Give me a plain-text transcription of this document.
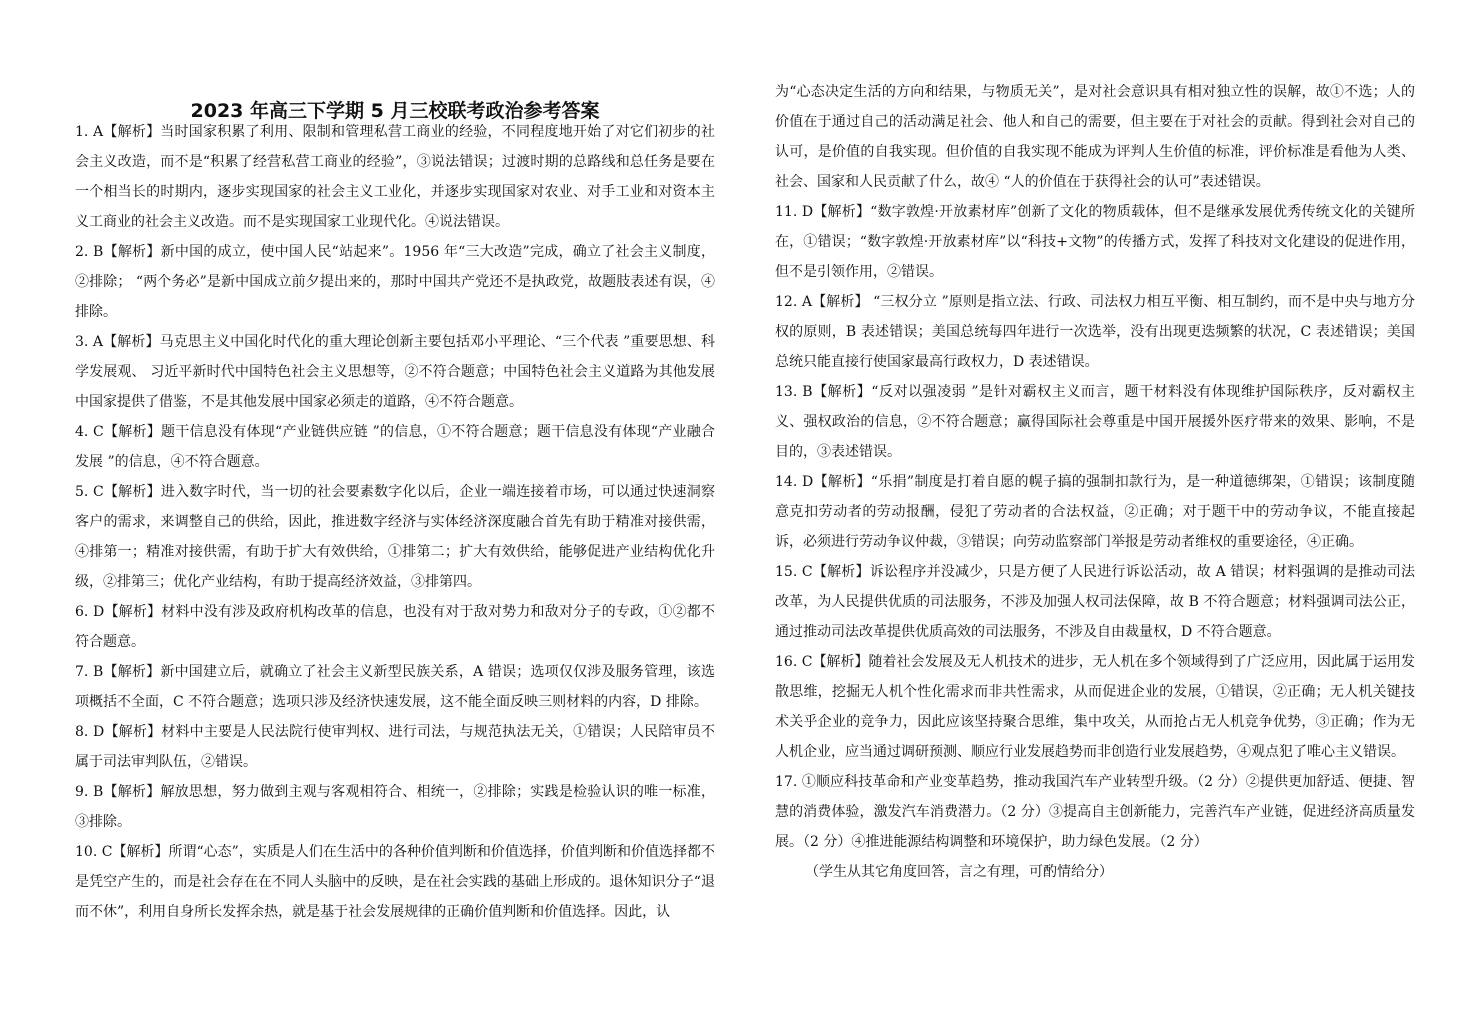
2023 年高三下学期 5 月三校联考政治参考答案

1. A【解析】当时国家积累了利用、限制和管理私营工商业的经验，不同程度地开始了对它们初步的社会主义改造，而不是“积累了经营私营工商业的经验”，③说法错误；过渡时期的总路线和总任务是要在一个相当长的时期内，逐步实现国家的社会主义工业化，并逐步实现国家对农业、对手工业和对资本主义工商业的社会主义改造。而不是实现国家工业现代化。④说法错误。

2. B【解析】新中国的成立，使中国人民“站起来”。1956 年“三大改造”完成，确立了社会主义制度，②排除； “两个务必”是新中国成立前夕提出来的，那时中国共产党还不是执政党，故题肢表述有误，④排除。

3. A【解析】马克思主义中国化时代化的重大理论创新主要包括邓小平理论、“三个代表 ”重要思想、科学发展观、 习近平新时代中国特色社会主义思想等，②不符合题意；中国特色社会主义道路为其他发展中国家提供了借鉴，不是其他发展中国家必须走的道路，④不符合题意。

4. C【解析】题干信息没有体现“产业链供应链 ”的信息，①不符合题意；题干信息没有体现“产业融合发展 ”的信息，④不符合题意。

5. C【解析】进入数字时代，当一切的社会要素数字化以后，企业一端连接着市场，可以通过快速洞察客户的需求，来调整自己的供给，因此，推进数字经济与实体经济深度融合首先有助于精准对接供需，④排第一；精准对接供需，有助于扩大有效供给，①排第二；扩大有效供给，能够促进产业结构优化升级，②排第三；优化产业结构，有助于提高经济效益，③排第四。

6. D【解析】材料中没有涉及政府机构改革的信息，也没有对于敌对势力和敌对分子的专政，①②都不符合题意。

7. B【解析】新中国建立后，就确立了社会主义新型民族关系，A 错误；选项仅仅涉及服务管理，该选项概括不全面，C 不符合题意；选项只涉及经济快速发展，这不能全面反映三则材料的内容，D 排除。

8. D【解析】材料中主要是人民法院行使审判权、进行司法，与规范执法无关，①错误；人民陪审员不属于司法审判队伍，②错误。

9. B【解析】解放思想，努力做到主观与客观相符合、相统一，②排除；实践是检验认识的唯一标准，③排除。

10. C【解析】所谓“心态”，实质是人们在生活中的各种价值判断和价值选择，价值判断和价值选择都不是凭空产生的，而是社会存在在不同人头脑中的反映，是在社会实践的基础上形成的。退休知识分子“退而不休”，利用自身所长发挥余热，就是基于社会发展规律的正确价值判断和价值选择。因此，认

为“心态决定生活的方向和结果，与物质无关”，是对社会意识具有相对独立性的误解，故①不选；人的价值在于通过自己的活动满足社会、他人和自己的需要，但主要在于对社会的贡献。得到社会对自己的认可，是价值的自我实现。但价值的自我实现不能成为评判人生价值的标准，评价标准是看他为人类、社会、国家和人民贡献了什么，故④ “人的价值在于获得社会的认可”表述错误。

11. D【解析】“数字敦煌·开放素材库”创新了文化的物质载体，但不是继承发展优秀传统文化的关键所在，①错误；“数字敦煌·开放素材库”以“科技+文物”的传播方式，发挥了科技对文化建设的促进作用，但不是引领作用，②错误。

12. A【解析】 “三权分立 ”原则是指立法、行政、司法权力相互平衡、相互制约，而不是中央与地方分权的原则，B 表述错误；美国总统每四年进行一次选举，没有出现更迭频繁的状况，C 表述错误；美国总统只能直接行使国家最高行政权力，D 表述错误。

13. B【解析】“反对以强凌弱 ”是针对霸权主义而言，题干材料没有体现维护国际秩序，反对霸权主义、强权政治的信息，②不符合题意；赢得国际社会尊重是中国开展援外医疗带来的效果、影响，不是目的，③表述错误。

14. D【解析】“乐捐”制度是打着自愿的幌子搞的强制扣款行为，是一种道德绑架，①错误；该制度随意克扣劳动者的劳动报酬，侵犯了劳动者的合法权益，②正确；对于题干中的劳动争议，不能直接起诉，必须进行劳动争议仲裁，③错误；向劳动监察部门举报是劳动者维权的重要途径，④正确。

15. C【解析】诉讼程序并没减少，只是方便了人民进行诉讼活动，故 A 错误；材料强调的是推动司法改革，为人民提供优质的司法服务，不涉及加强人权司法保障，故 B 不符合题意；材料强调司法公正，通过推动司法改革提供优质高效的司法服务，不涉及自由裁量权，D 不符合题意。

16. C【解析】随着社会发展及无人机技术的进步，无人机在多个领域得到了广泛应用，因此属于运用发散思维，挖掘无人机个性化需求而非共性需求，从而促进企业的发展，①错误，②正确；无人机关键技术关乎企业的竞争力，因此应该坚持聚合思维，集中攻关，从而抢占无人机竞争优势，③正确；作为无人机企业，应当通过调研预测、顺应行业发展趋势而非创造行业发展趋势，④观点犯了唯心主义错误。

17. ①顺应科技革命和产业变革趋势，推动我国汽车产业转型升级。（2 分）②提供更加舒适、便捷、智慧的消费体验，激发汽车消费潜力。（2 分）③提高自主创新能力，完善汽车产业链，促进经济高质量发展。（2 分）④推进能源结构调整和环境保护，助力绿色发展。（2 分）

（学生从其它角度回答，言之有理，可酌情给分）
